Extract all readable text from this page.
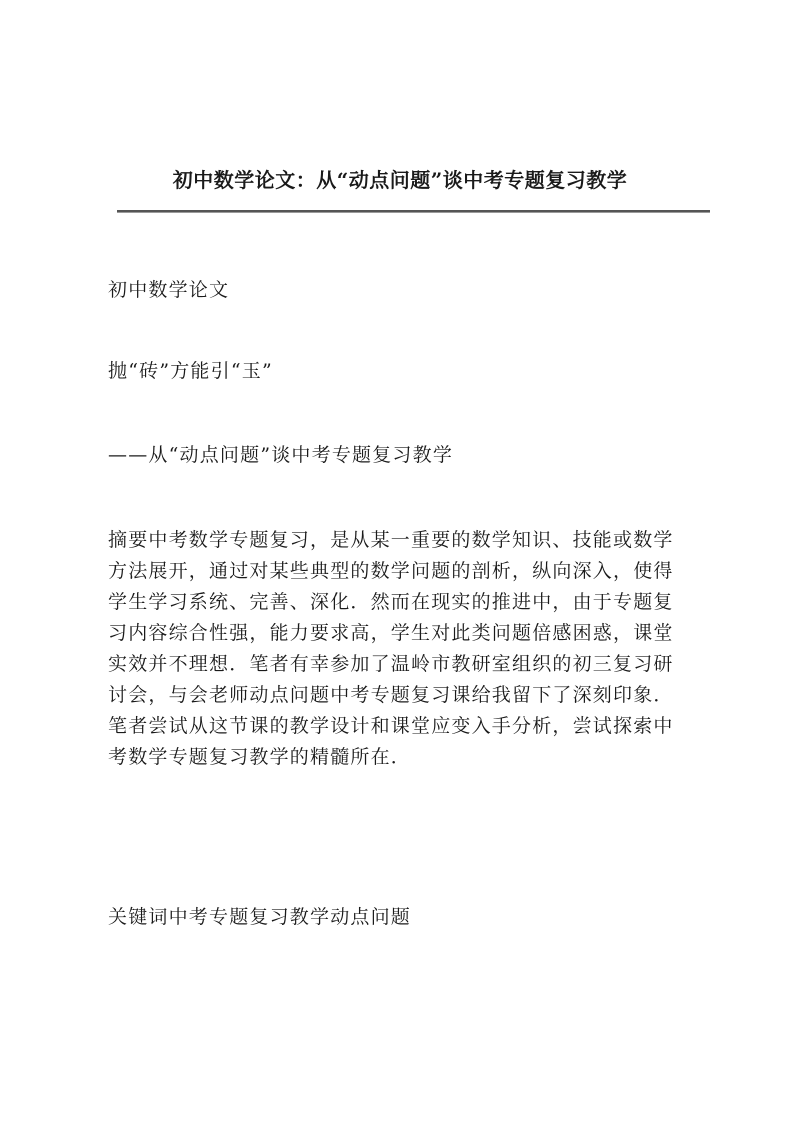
初中数学论文：从“动点问题”谈中考专题复习教学
初中数学论文
抛“砖”方能引“玉”
——从“动点问题”谈中考专题复习教学
摘要中考数学专题复习，是从某一重要的数学知识、技能或数学
方法展开，通过对某些典型的数学问题的剖析，纵向深入，使得
学生学习系统、完善、深化．然而在现实的推进中，由于专题复
习内容综合性强，能力要求高，学生对此类问题倍感困惑，课堂
实效并不理想．笔者有幸参加了温岭市教研室组织的初三复习研
讨会，与会老师动点问题中考专题复习课给我留下了深刻印象．
笔者尝试从这节课的教学设计和课堂应变入手分析，尝试探索中
考数学专题复习教学的精髓所在．
关键词中考专题复习教学动点问题
